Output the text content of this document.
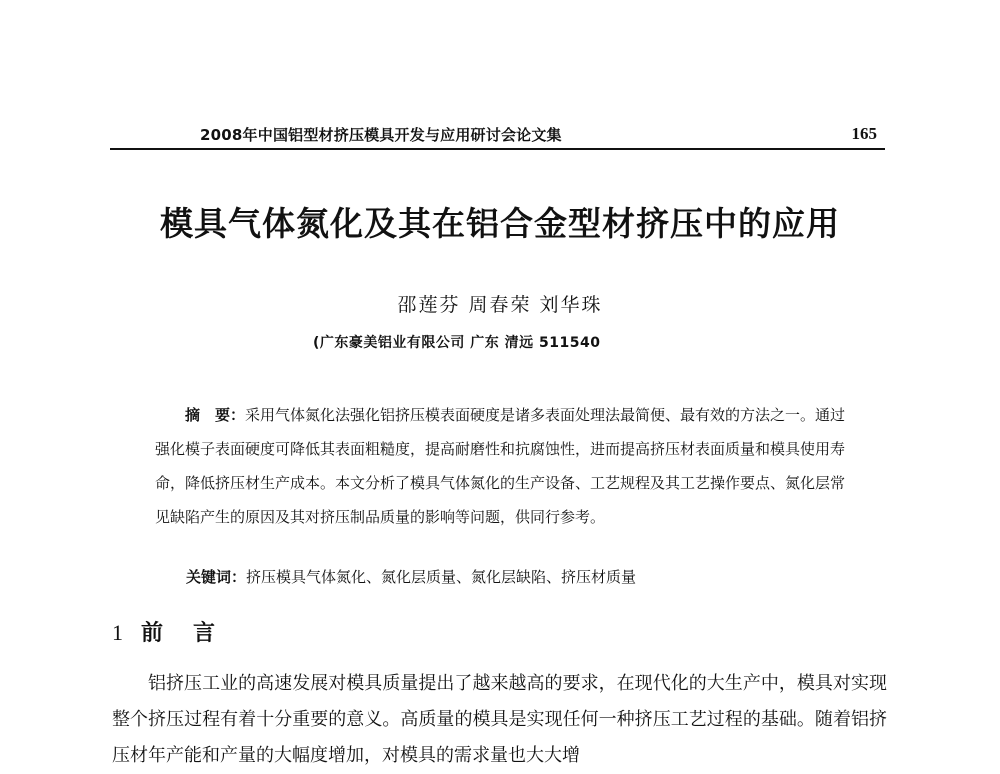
2008年中国铝型材挤压模具开发与应用研讨会论文集	165
模具气体氮化及其在铝合金型材挤压中的应用
邵莲芬 周春荣 刘华珠
(广东豪美铝业有限公司 广东 清远 511540

摘　要：采用气体氮化法强化铝挤压模表面硬度是诸多表面处理法最简便、最有效的方法之一。通过强化模子表面硬度可降低其表面粗糙度，提高耐磨性和抗腐蚀性，进而提高挤压材表面质量和模具使用寿命，降低挤压材生产成本。本文分析了模具气体氮化的生产设备、工艺规程及其工艺操作要点、氮化层常见缺陷产生的原因及其对挤压制品质量的影响等问题，供同行参考。

关键词：挤压模具气体氮化、氮化层质量、氮化层缺陷、挤压材质量
1 前言

铝挤压工业的高速发展对模具质量提出了越来越高的要求，在现代化的大生产中，模具对实现整个挤压过程有着十分重要的意义。高质量的模具是实现任何一种挤压工艺过程的基础。随着铝挤压材年产能和产量的大幅度增加，对模具的需求量也大大增
